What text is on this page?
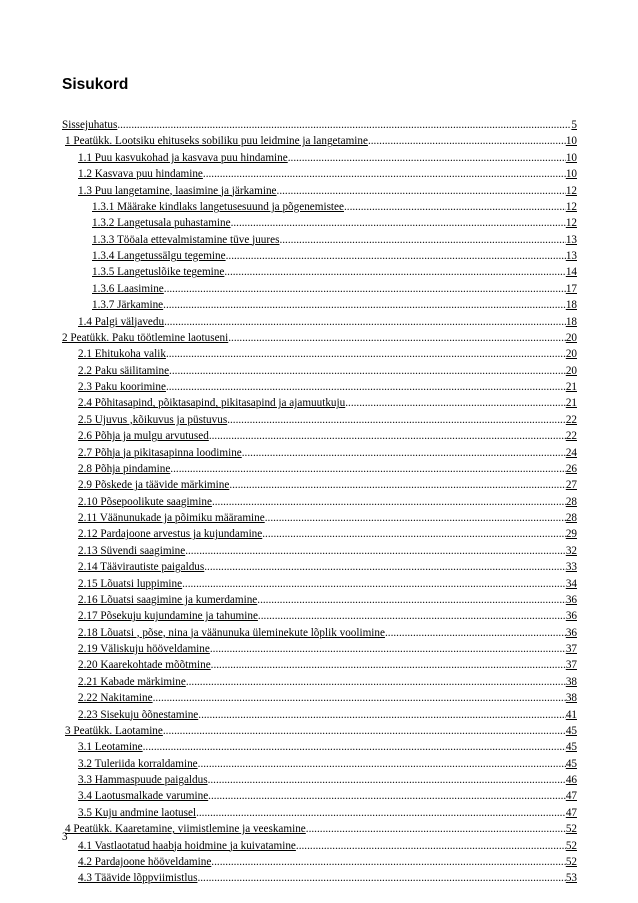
Sisukord
Sissejuhatus .....	5
1 Peatükk. Lootsiku ehituseks sobiliku puu leidmine ja langetamine .....	10
1.1 Puu kasvukohad ja kasvava puu hindamine .....	10
1.2 Kasvava puu hindamine .....	10
1.3 Puu langetamine, laasimine ja järkamine .....	12
1.3.1 Määrake kindlaks langetusesuund ja põgenemistee .....	12
1.3.2 Langetusala puhastamine .....	12
1.3.3 Tööala ettevalmistamine tüve juures .....	13
1.3.4 Langetussälgu tegemine .....	13
1.3.5 Langetuslõike tegemine .....	14
1.3.6 Laasimine .....	17
1.3.7 Järkamine .....	18
1.4 Palgi väljavedu .....	18
2 Peatükk. Paku töötlemine laotuseni .....	20
2.1 Ehitukoha valik .....	20
2.2 Paku säilitamine .....	20
2.3 Paku koorimine .....	21
2.4 Põhitasapind, põiktasapind, pikitasapind ja ajamuutkuju .....	21
2.5 Ujuvus ,kõikuvus ja püstuvus .....	22
2.6 Põhja ja mulgu arvutused .....	22
2.7 Põhja ja pikitasapinna loodimine .....	24
2.8 Põhja pindamine .....	26
2.9 Põskede ja täävide märkimine .....	27
2.10 Põsepoolikute saagimine .....	28
2.11 Väänunukade ja põimiku määramine .....	28
2.12 Pardajoone arvestus ja kujundamine .....	29
2.13 Süvendi saagimine .....	32
2.14 Täävirautiste paigaldus .....	33
2.15 Lõuatsi luppimine .....	34
2.16 Lõuatsi saagimine ja kumerdamine .....	36
2.17 Põsekuju kujundamine ja tahumine .....	36
2.18 Lõuatsi , põse, nina ja väänunuka üleminekute lõplik voolimine .....	36
2.19 Väliskuju hööveldamine .....	37
2.20 Kaarekohtade mõõtmine .....	37
2.21 Kabade märkimine .....	38
2.22 Nakitamine .....	38
2.23 Sisekuju õõnestamine .....	41
3 Peatükk. Laotamine .....	45
3.1 Leotamine .....	45
3.2 Tuleriida korraldamine .....	45
3.3 Hammaspuude paigaldus .....	46
3.4 Laotusmalkade varumine .....	47
3.5 Kuju andmine laotusel .....	47
4 Peatükk. Kaaretamine, viimistlemine ja veeskamine .....	52
4.1 Vastlaotatud haabja hoidmine ja kuivatamine .....	52
4.2 Pardajoone hööveldamine .....	52
4.3 Täävide lõppviimistlus .....	53
3
